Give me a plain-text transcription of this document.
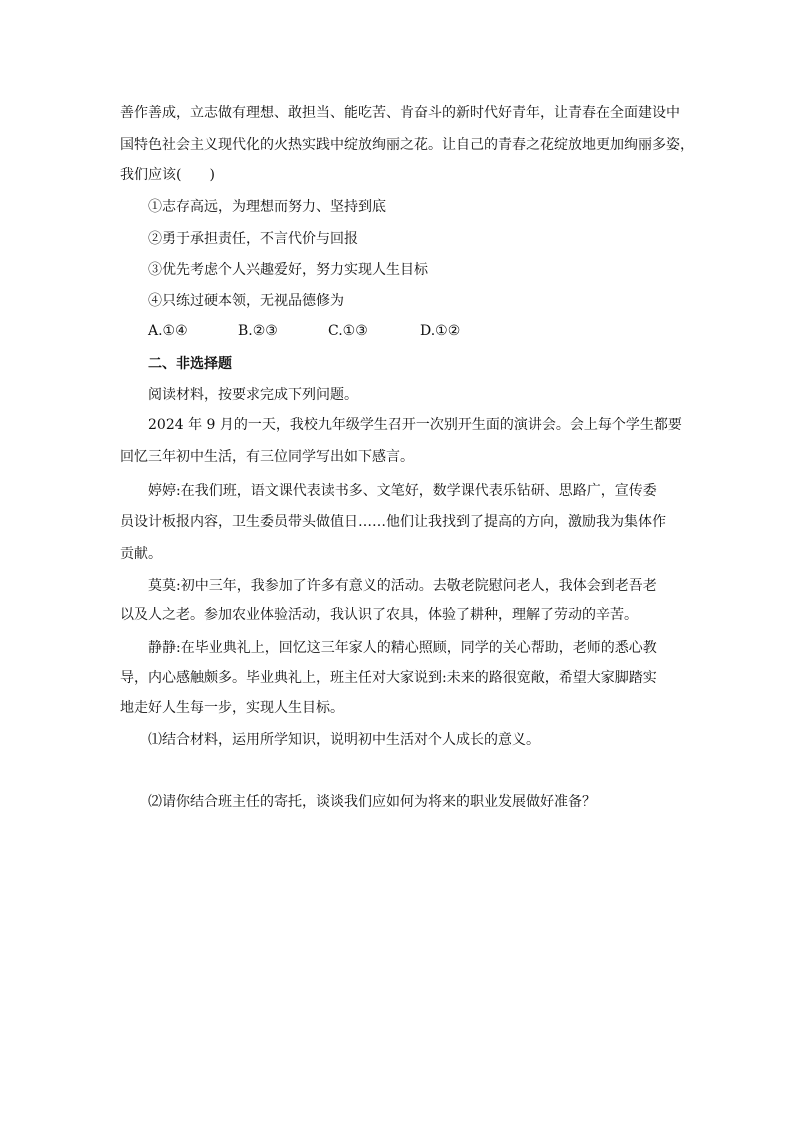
善作善成，立志做有理想、敢担当、能吃苦、肯奋斗的新时代好青年，让青春在全面建设中
国特色社会主义现代化的火热实践中绽放绚丽之花。让自己的青春之花绽放地更加绚丽多姿，
我们应该(　　)
①志存高远，为理想而努力、坚持到底
②勇于承担责任，不言代价与回报
③优先考虑个人兴趣爱好，努力实现人生目标
④只练过硬本领，无视品德修为
A.①④	B.②③	C.①③	D.①②
二、非选择题
阅读材料，按要求完成下列问题。
2024 年 9 月的一天，我校九年级学生召开一次别开生面的演讲会。会上每个学生都要
回忆三年初中生活，有三位同学写出如下感言。
婷婷:在我们班，语文课代表读书多、文笔好，数学课代表乐钻研、思路广，宣传委
员设计板报内容，卫生委员带头做值日……他们让我找到了提高的方向，激励我为集体作
贡献。
莫莫:初中三年，我参加了许多有意义的活动。去敬老院慰问老人，我体会到老吾老
以及人之老。参加农业体验活动，我认识了农具，体验了耕种，理解了劳动的辛苦。
静静:在毕业典礼上，回忆这三年家人的精心照顾，同学的关心帮助，老师的悉心教
导，内心感触颇多。毕业典礼上，班主任对大家说到:未来的路很宽敞，希望大家脚踏实
地走好人生每一步，实现人生目标。
⑴结合材料，运用所学知识，说明初中生活对个人成长的意义。
⑵请你结合班主任的寄托，谈谈我们应如何为将来的职业发展做好准备？
